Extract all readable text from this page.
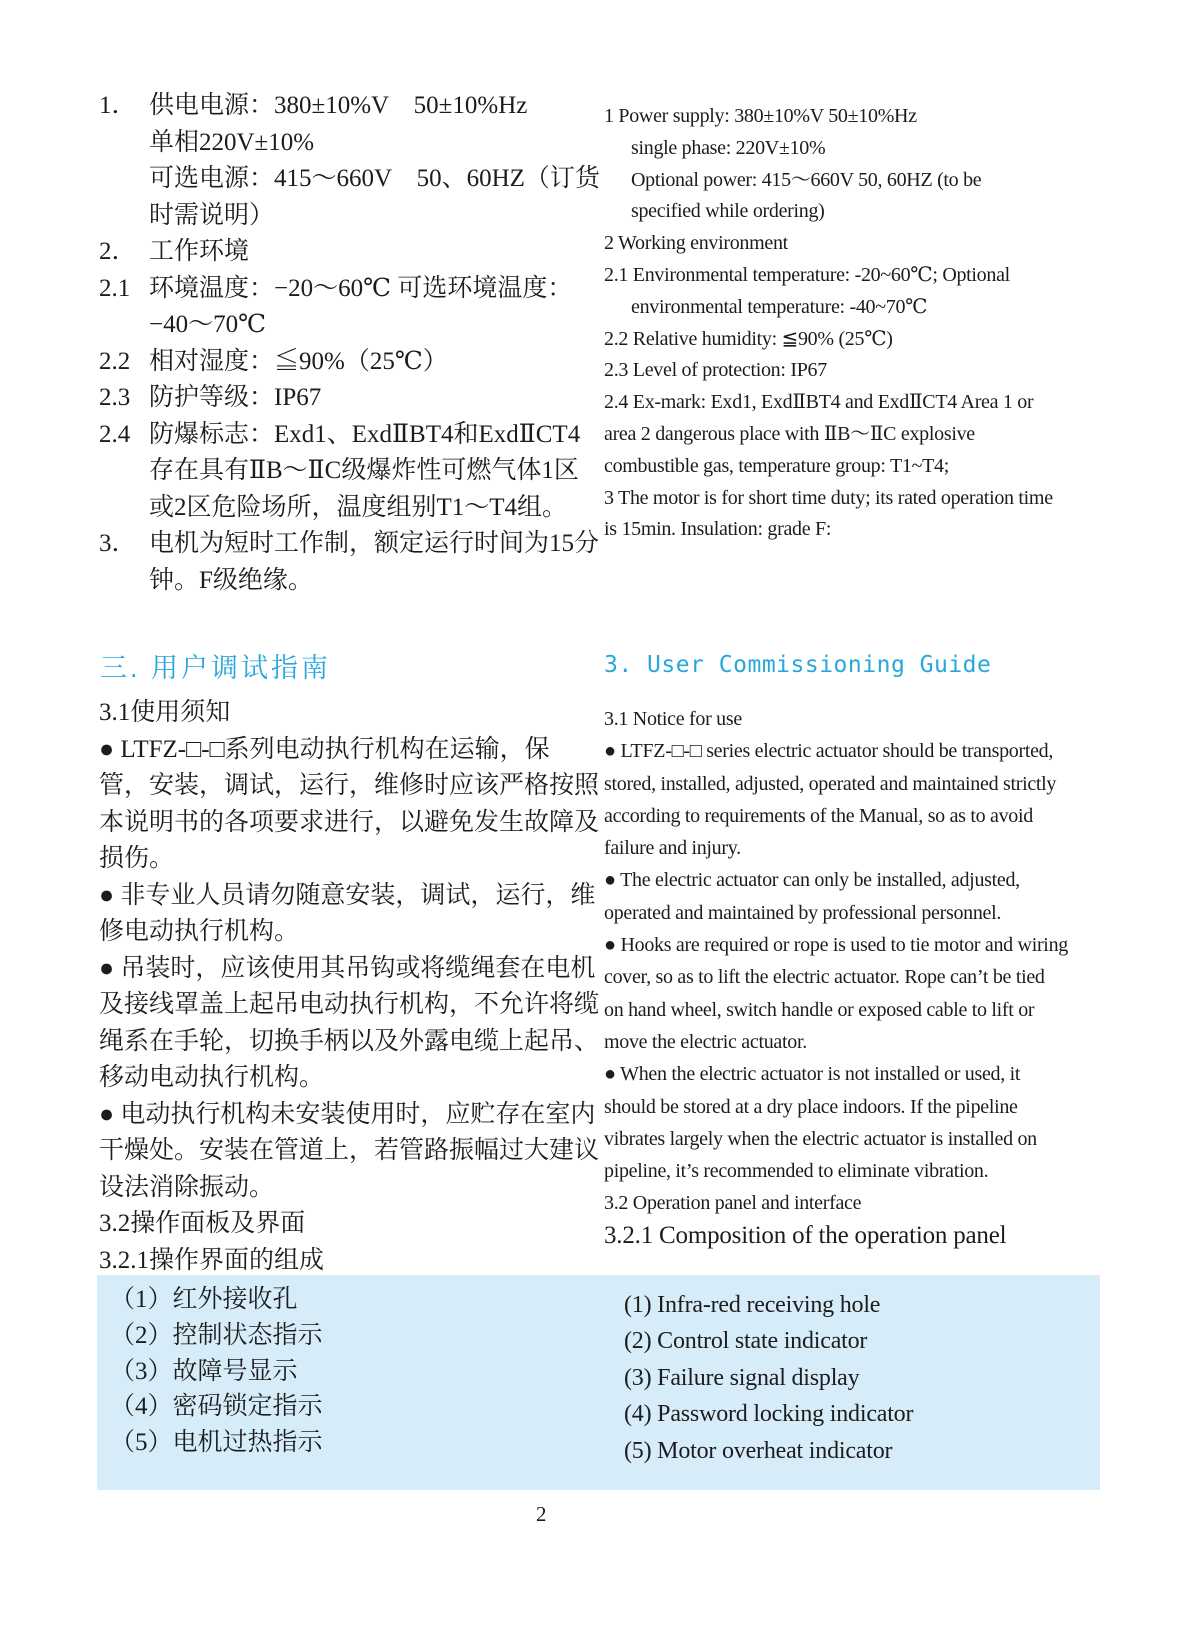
（1）红外接收孔
（2）控制状态指示
（3）故障号显示
（4）密码锁定指示
（5）电机过热指示
(1) Infra-red receiving hole
(2) Control state indicator
(3) Failure signal display
(4) Password locking indicator
(5) Motor overheat indicator
1． 供电电源：380±10%V　50±10%Hz
单相220V±10%
可选电源：415～660V　50、60HZ（订货
时需说明）
2． 工作环境
2.1 环境温度：−20～60℃ 可选环境温度：
−40～70℃
2.2 相对湿度：≦90%（25℃）
2.3 防护等级：IP67
2.4 防爆标志：Exd1、ExdⅡBT4和ExdⅡCT4
存在具有ⅡB～ⅡC级爆炸性可燃气体1区
或2区危险场所，温度组别T1～T4组。
3． 电机为短时工作制，额定运行时间为15分
钟。F级绝缘。
三. 用户调试指南	3. User Commissioning Guide
3.1使用须知
● LTFZ-□-□系列电动执行机构在运输，保
管，安装，调试，运行，维修时应该严格按照
本说明书的各项要求进行，以避免发生故障及
损伤。
● 非专业人员请勿随意安装，调试，运行，维
修电动执行机构。
● 吊装时，应该使用其吊钩或将缆绳套在电机
及接线罩盖上起吊电动执行机构，不允许将缆
绳系在手轮，切换手柄以及外露电缆上起吊、
移动电动执行机构。
● 电动执行机构未安装使用时，应贮存在室内
干燥处。安装在管道上，若管路振幅过大建议
设法消除振动。
3.2操作面板及界面
3.2.1操作界面的组成
1 Power supply: 380±10%V 50±10%Hz
single phase: 220V±10%
Optional power: 415～660V 50, 60HZ (to be
specified while ordering)
2 Working environment
2.1 Environmental temperature: -20~60℃; Optional
environmental temperature: -40~70℃
2.2 Relative humidity: ≦90% (25℃)
2.3 Level of protection: IP67
2.4 Ex-mark: Exd1, ExdⅡBT4 and ExdⅡCT4 Area 1 or
area 2 dangerous place with ⅡB～ⅡC explosive
combustible gas, temperature group: T1~T4;
3 The motor is for short time duty; its rated operation time
is 15min. Insulation: grade F:
3.1 Notice for use
● LTFZ-□-□ series electric actuator should be transported,
stored, installed, adjusted, operated and maintained strictly
according to requirements of the Manual, so as to avoid
failure and injury.
● The electric actuator can only be installed, adjusted,
operated and maintained by professional personnel.
● Hooks are required or rope is used to tie motor and wiring
cover, so as to lift the electric actuator. Rope can’t be tied
on hand wheel, switch handle or exposed cable to lift or
move the electric actuator.
● When the electric actuator is not installed or used, it
should be stored at a dry place indoors. If the pipeline
vibrates largely when the electric actuator is installed on
pipeline, it’s recommended to eliminate vibration.
3.2 Operation panel and interface
3.2.1 Composition of the operation panel
2
